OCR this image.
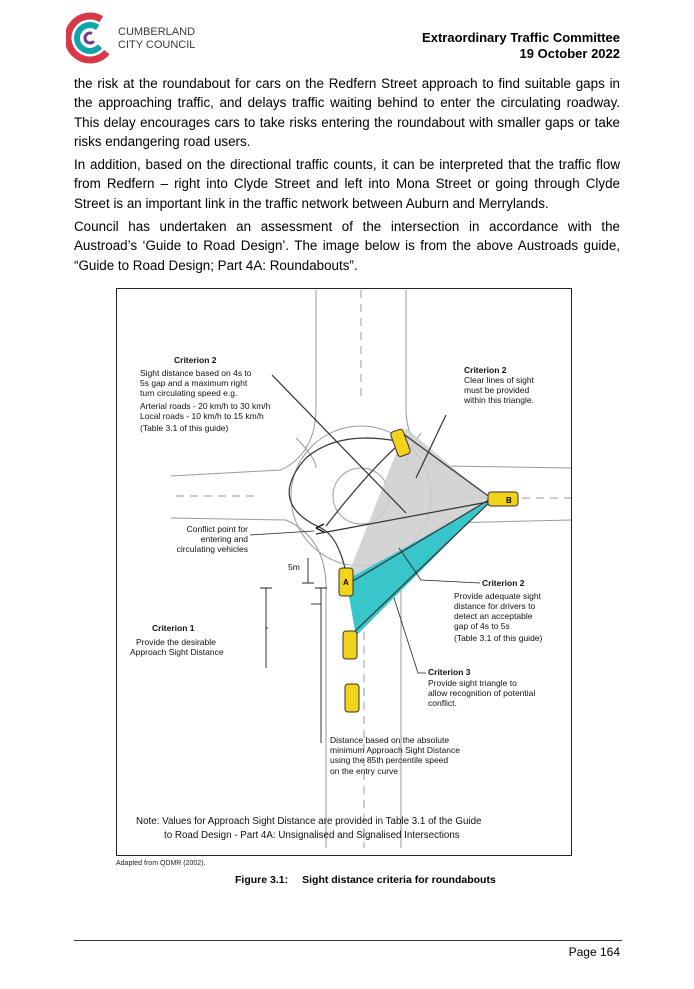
CUMBERLAND
CITY COUNCIL	Extraordinary Traffic Committee
19 October 2022

the risk at the roundabout for cars on the Redfern Street approach to find suitable gaps in the approaching traffic, and delays traffic waiting behind to enter the circulating roadway. This delay encourages cars to take risks entering the roundabout with smaller gaps or take risks endangering road users.

In addition, based on the directional traffic counts, it can be interpreted that the traffic flow from Redfern – right into Clyde Street and left into Mona Street or going through Clyde Street is an important link in the traffic network between Auburn and Merrylands.

Council has undertaken an assessment of the intersection in accordance with the Austroad’s ‘Guide to Road Design’. The image below is from the above Austroads guide, “Guide to Road Design; Part 4A: Roundabouts”.

B
A
Criterion 2
Sight distance based on 4s to
5s gap and a maximum right
turn circulating speed e.g.
Arterial roads - 20 km/h to 30 km/h
Local roads - 10 km/h to 15 km/h
(Table 3.1 of this guide)
Criterion 2
Clear lines of sight
must be provided
within this triangle.
Conflict point for
entering and
circulating vehicles
5m
Criterion 2
Provide adequate sight
distance for drivers to
detect an acceptable
gap of 4s to 5s
(Table 3.1 of this guide)
Criterion 1
Provide the desirable
Approach Sight Distance
Criterion 3
Provide sight triangle to
allow recognition of potential
conflict.
Distance based on the absolute
minimum Approach Sight Distance
using the 85th percentile speed
on the entry curve
Note: Values for Approach Sight Distance are provided in Table 3.1 of the Guide
to Road Design - Part 4A: Unsignalised and Signalised Intersections
Adapted from QDMR (2002).
Figure 3.1: Sight distance criteria for roundabouts
Page 164
